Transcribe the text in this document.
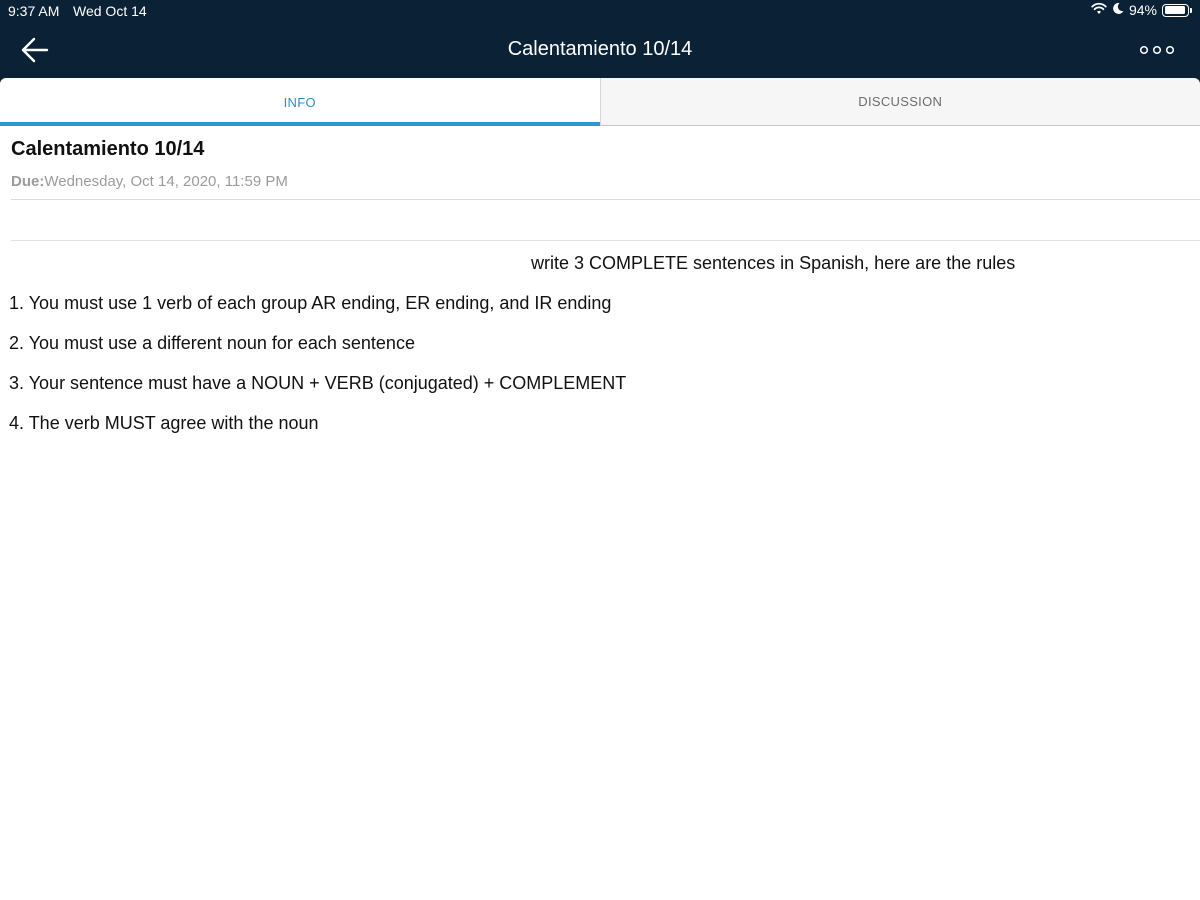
9:37 AM Wed Oct 14	94%
Calentamiento 10/14
INFO	DISCUSSION
Calentamiento 10/14
Due:Wednesday, Oct 14, 2020, 11:59 PM
write 3 COMPLETE sentences in Spanish, here are the rules
1. You must use 1 verb of each group AR ending, ER ending, and IR ending
2. You must use a different noun for each sentence
3. Your sentence must have a NOUN + VERB (conjugated) + COMPLEMENT
4. The verb MUST agree with the noun
